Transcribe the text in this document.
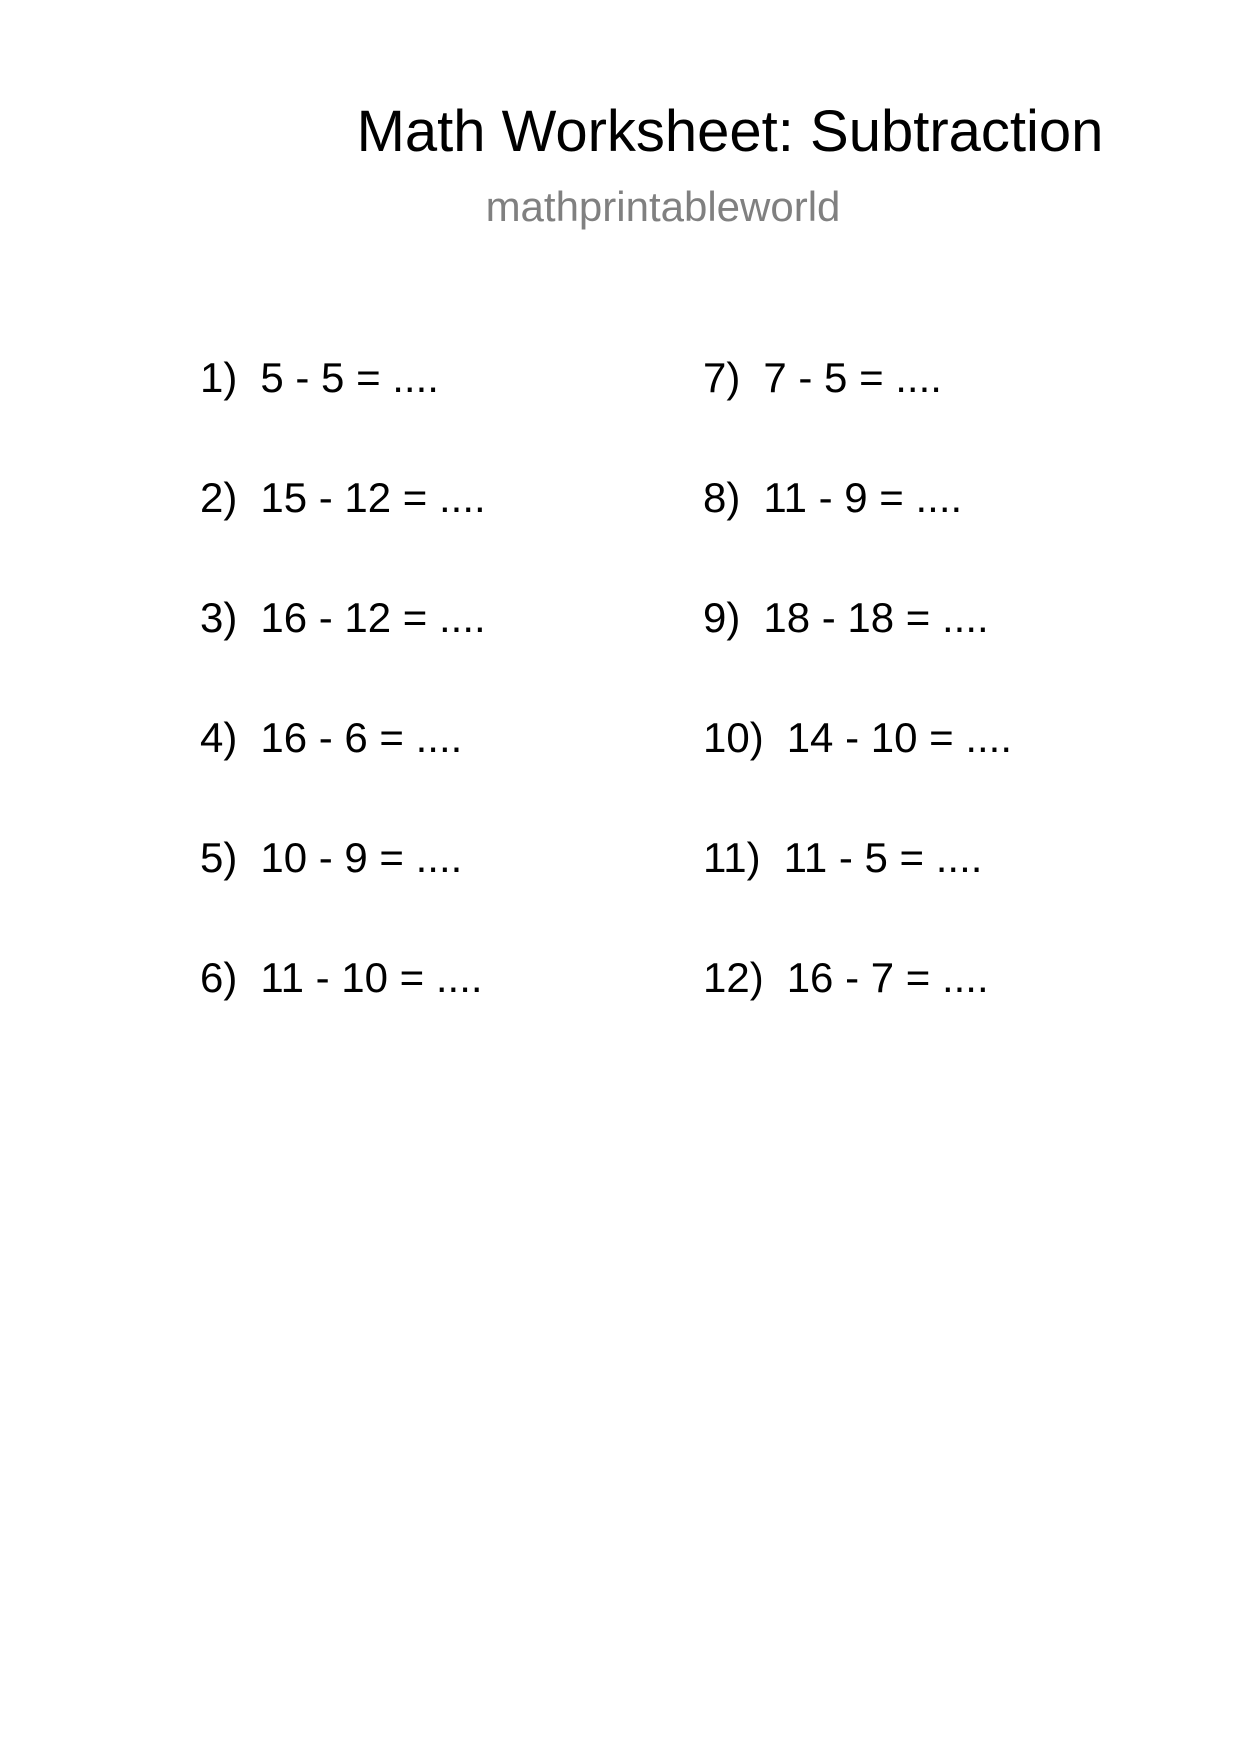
Math Worksheet: Subtraction
mathprintableworld
1) 5 - 5 = ....
2) 15 - 12 = ....
3) 16 - 12 = ....
4) 16 - 6 = ....
5) 10 - 9 = ....
6) 11 - 10 = ....
7) 7 - 5 = ....
8) 11 - 9 = ....
9) 18 - 18 = ....
10) 14 - 10 = ....
11) 11 - 5 = ....
12) 16 - 7 = ....
